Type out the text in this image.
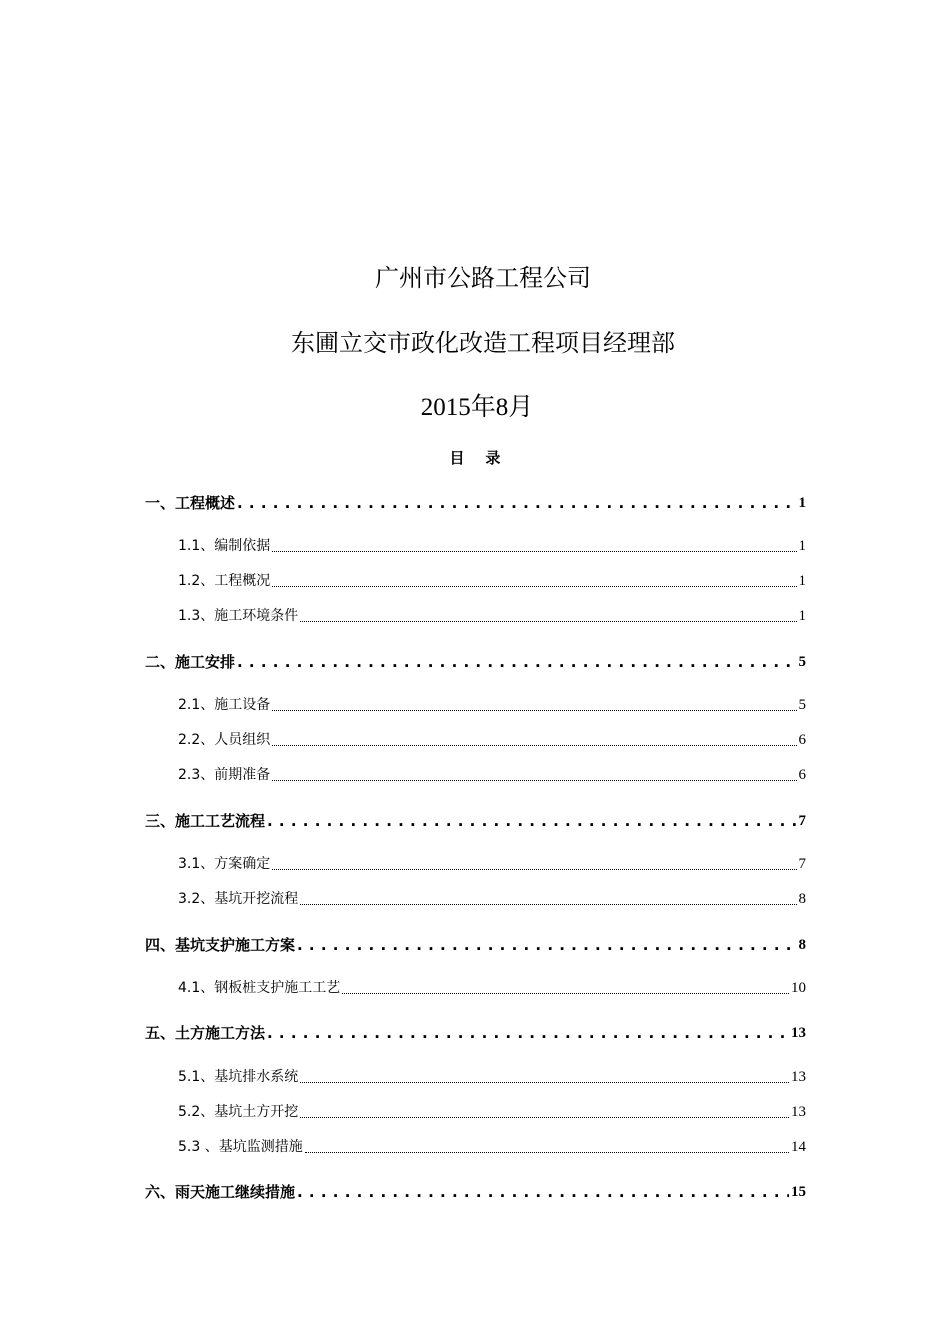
广州市公路工程公司
东圃立交市政化改造工程项目经理部
2015年8月
目    录
一、工程概述 . . .	1
1.1、编制依据	1
1.2、工程概况	1
1.3、施工环境条件	1
二、施工安排 . . .	5
2.1、施工设备	5
2.2、人员组织	6
2.3、前期准备	6
三、施工工艺流程 . . .	7
3.1、方案确定	7
3.2、基坑开挖流程	8
四、基坑支护施工方案 . . .	8
4.1、钢板桩支护施工工艺	10
五、土方施工方法 . . .	13
5.1、基坑排水系统	13
5.2、基坑土方开挖	13
5.3 、基坑监测措施	14
六、雨天施工继续措施 . . .	15
